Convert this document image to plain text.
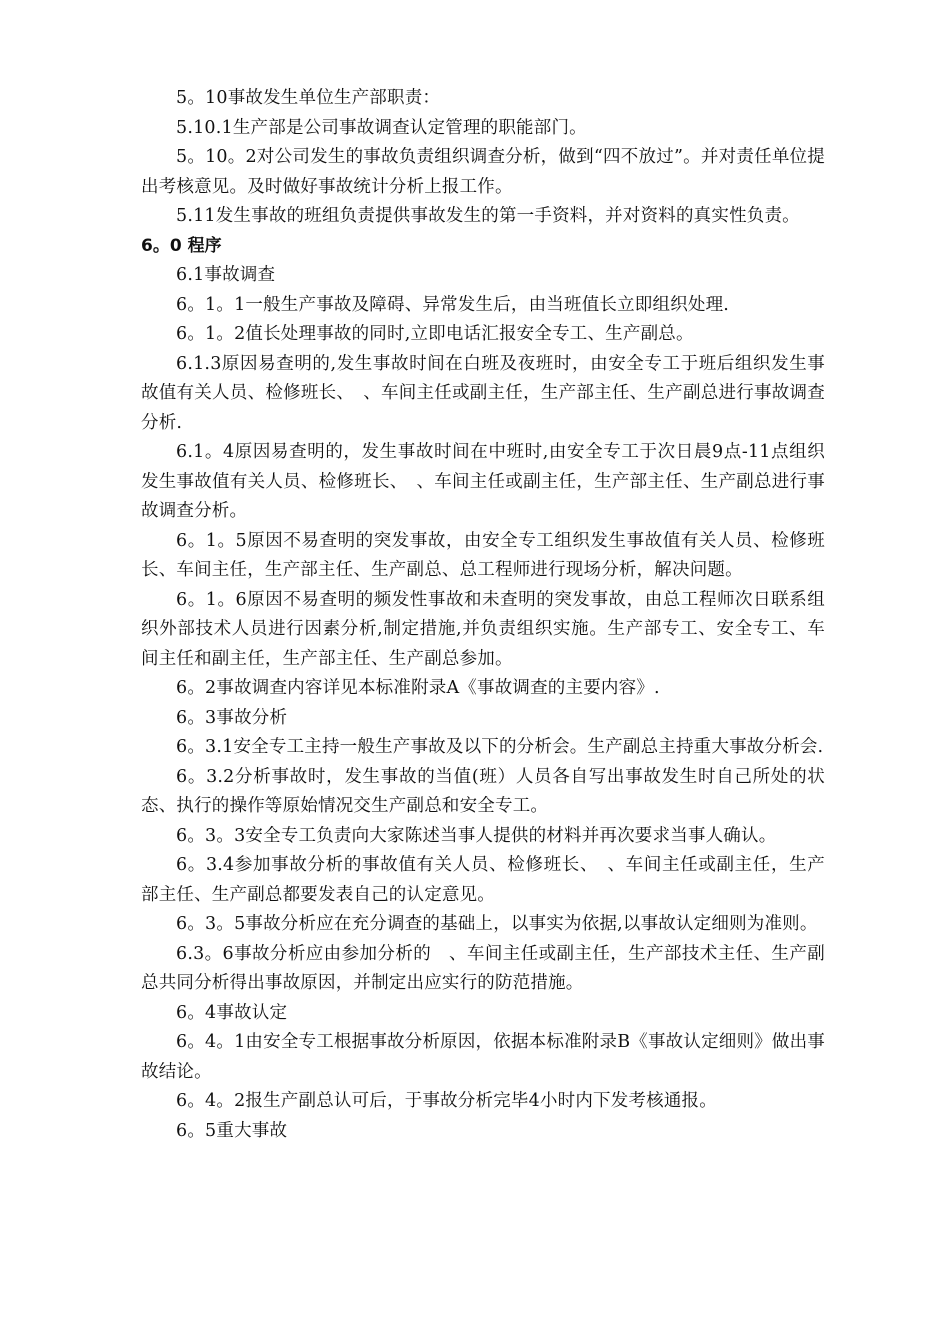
5。10事故发生单位生产部职责：

5.10.1生产部是公司事故调查认定管理的职能部门。

5。10。2对公司发生的事故负责组织调查分析，做到“四不放过”。并对责任单位提出考核意见。及时做好事故统计分析上报工作。

5.11发生事故的班组负责提供事故发生的第一手资料，并对资料的真实性负责。

6。0 程序

6.1事故调查

6。1。1一般生产事故及障碍、异常发生后，由当班值长立即组织处理.

6。1。2值长处理事故的同时,立即电话汇报安全专工、生产副总。

6.1.3原因易查明的,发生事故时间在白班及夜班时，由安全专工于班后组织发生事故值有关人员、检修班长、　、车间主任或副主任，生产部主任、生产副总进行事故调查分析.

6.1。4原因易查明的，发生事故时间在中班时,由安全专工于次日晨9点-11点组织发生事故值有关人员、检修班长、　、车间主任或副主任，生产部主任、生产副总进行事故调查分析。

6。1。5原因不易查明的突发事故，由安全专工组织发生事故值有关人员、检修班长、车间主任，生产部主任、生产副总、总工程师进行现场分析，解决问题。

6。1。6原因不易查明的频发性事故和未查明的突发事故，由总工程师次日联系组织外部技术人员进行因素分析,制定措施,并负责组织实施。生产部专工、安全专工、车间主任和副主任，生产部主任、生产副总参加。

6。2事故调查内容详见本标准附录A《事故调查的主要内容》.

6。3事故分析

6。3.1安全专工主持一般生产事故及以下的分析会。生产副总主持重大事故分析会.

6。3.2分析事故时，发生事故的当值(班）人员各自写出事故发生时自己所处的状态、执行的操作等原始情况交生产副总和安全专工。

6。3。3安全专工负责向大家陈述当事人提供的材料并再次要求当事人确认。

6。3.4参加事故分析的事故值有关人员、检修班长、　、车间主任或副主任，生产部主任、生产副总都要发表自己的认定意见。

6。3。5事故分析应在充分调查的基础上，以事实为依据,以事故认定细则为准则。

6.3。6事故分析应由参加分析的　、车间主任或副主任，生产部技术主任、生产副总共同分析得出事故原因，并制定出应实行的防范措施。

6。4事故认定

6。4。1由安全专工根据事故分析原因，依据本标准附录B《事故认定细则》做出事故结论。

6。4。2报生产副总认可后，于事故分析完毕4小时内下发考核通报。

6。5重大事故
